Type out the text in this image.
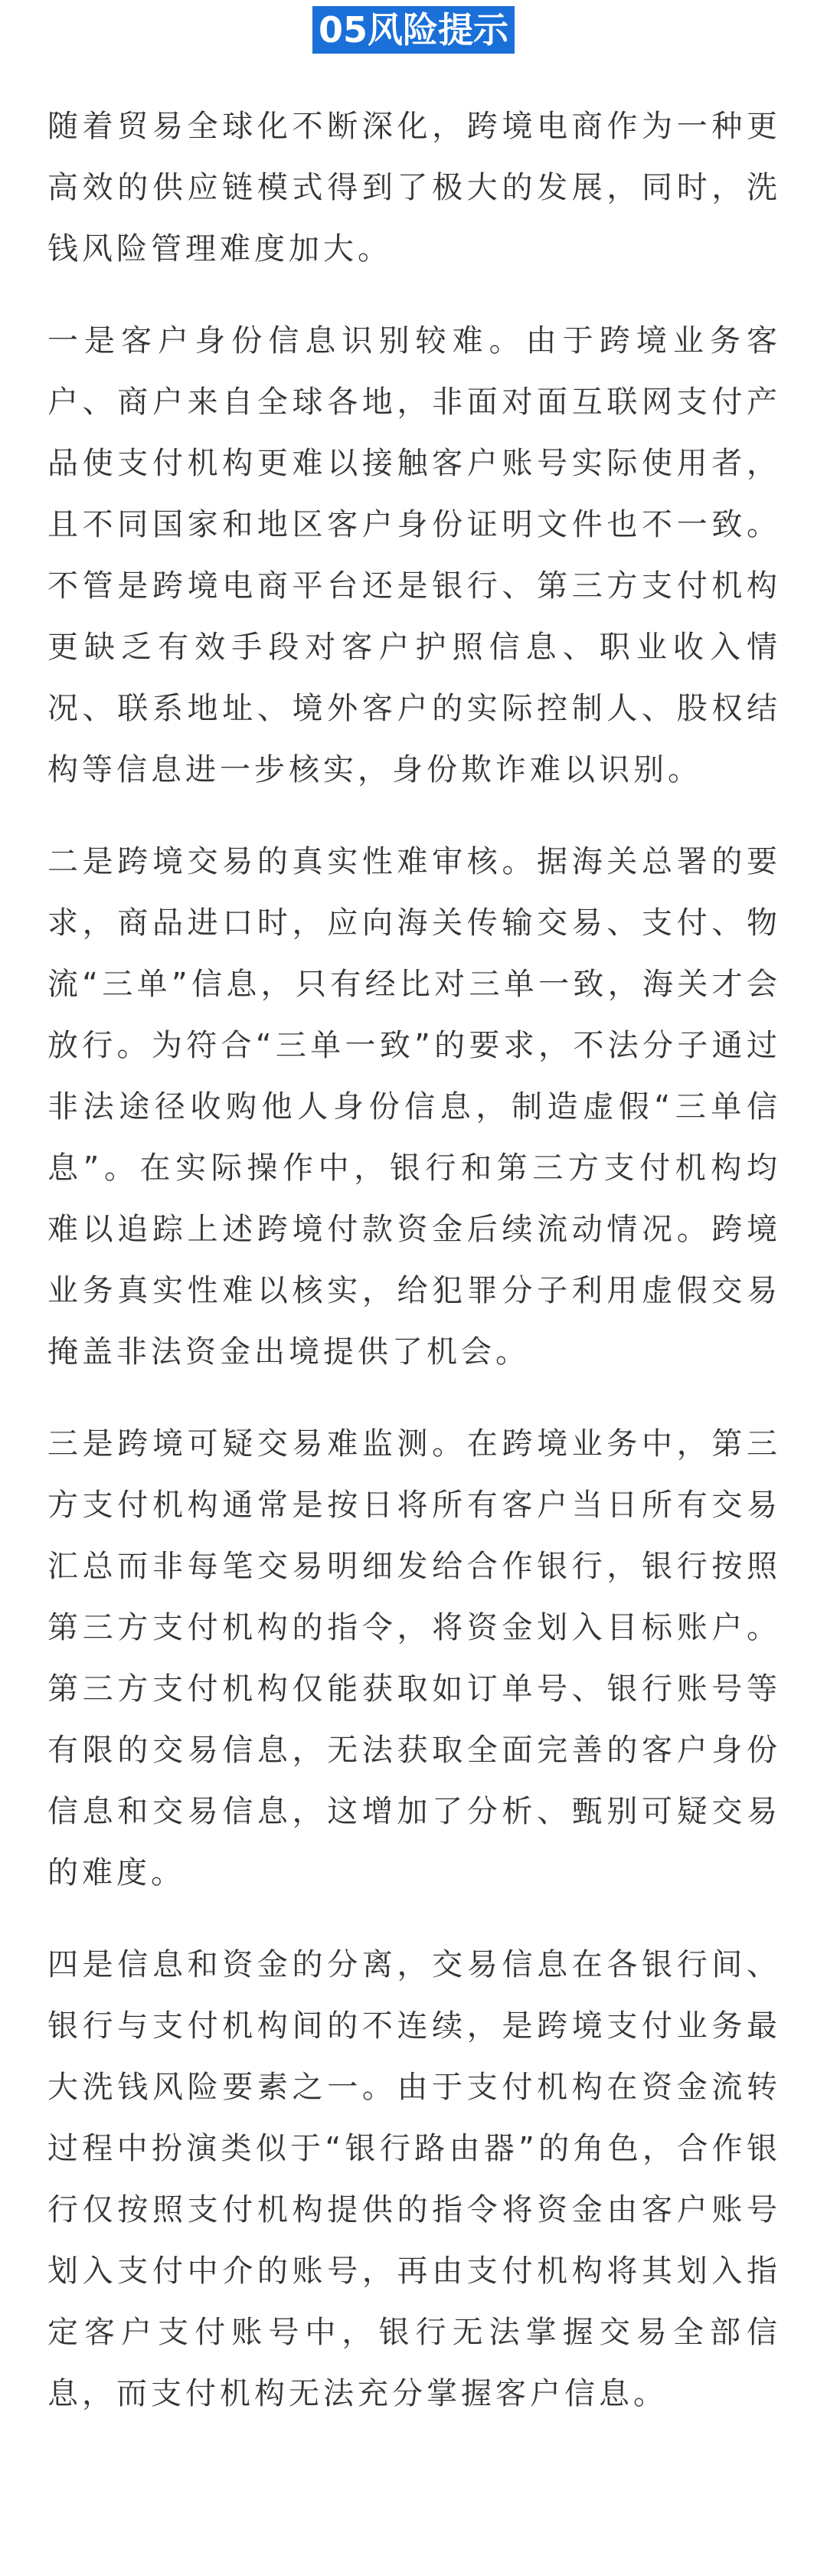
05风险提示

随着贸易全球化不断深化，跨境电商作为一种更高效的供应链模式得到了极大的发展，同时，洗钱风险管理难度加大。

一是客户身份信息识别较难。由于跨境业务客户、商户来自全球各地，非面对面互联网支付产品使支付机构更难以接触客户账号实际使用者，且不同国家和地区客户身份证明文件也不一致。不管是跨境电商平台还是银行、第三方支付机构更缺乏有效手段对客户护照信息、职业收入情况、联系地址、境外客户的实际控制人、股权结构等信息进一步核实，身份欺诈难以识别。

二是跨境交易的真实性难审核。据海关总署的要求，商品进口时，应向海关传输交易、支付、物流“三单”信息，只有经比对三单一致，海关才会放行。为符合“三单一致”的要求，不法分子通过非法途径收购他人身份信息，制造虚假“三单信息”。在实际操作中，银行和第三方支付机构均难以追踪上述跨境付款资金后续流动情况。跨境业务真实性难以核实，给犯罪分子利用虚假交易掩盖非法资金出境提供了机会。

三是跨境可疑交易难监测。在跨境业务中，第三方支付机构通常是按日将所有客户当日所有交易汇总而非每笔交易明细发给合作银行，银行按照第三方支付机构的指令，将资金划入目标账户。第三方支付机构仅能获取如订单号、银行账号等有限的交易信息，无法获取全面完善的客户身份信息和交易信息，这增加了分析、甄别可疑交易的难度。

四是信息和资金的分离，交易信息在各银行间、银行与支付机构间的不连续，是跨境支付业务最大洗钱风险要素之一。由于支付机构在资金流转过程中扮演类似于“银行路由器”的角色，合作银行仅按照支付机构提供的指令将资金由客户账号划入支付中介的账号，再由支付机构将其划入指定客户支付账号中，银行无法掌握交易全部信息，而支付机构无法充分掌握客户信息。
